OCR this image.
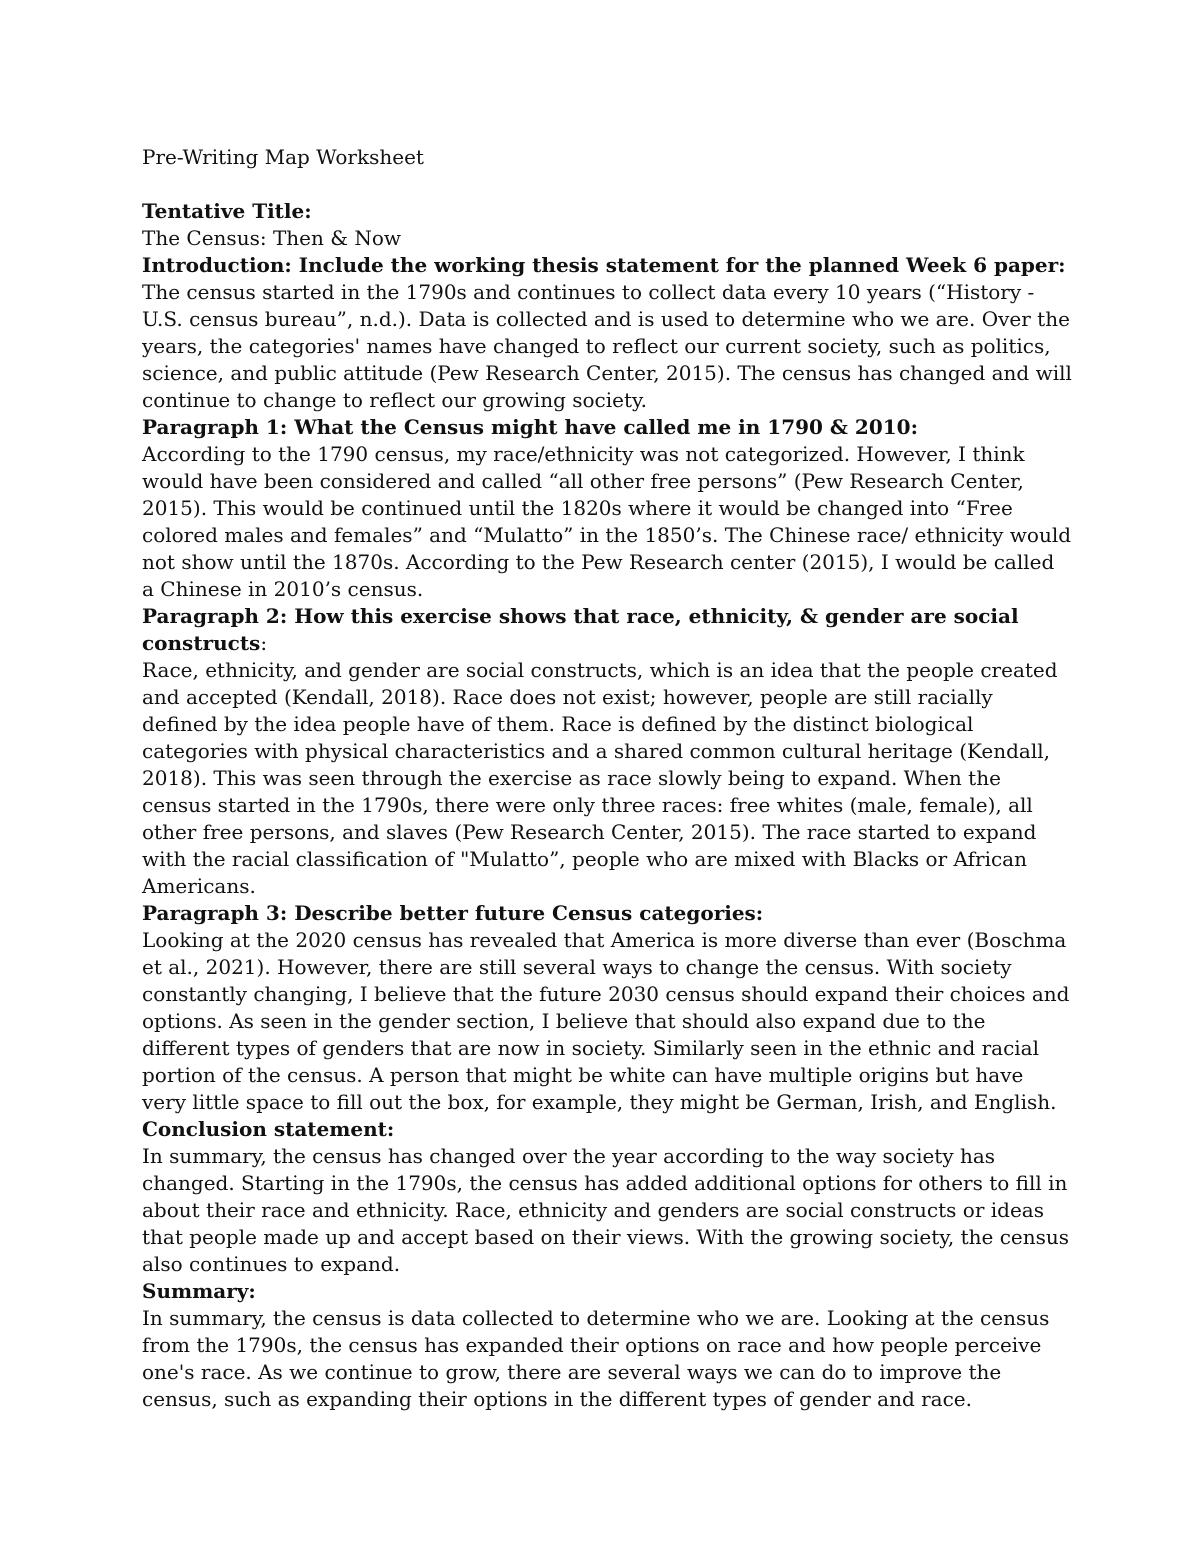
Pre-Writing Map Worksheet

Tentative Title:

The Census: Then & Now

Introduction: Include the working thesis statement for the planned Week 6 paper:

The census started in the 1790s and continues to collect data every 10 years (“History - U.S. census bureau”, n.d.). Data is collected and is used to determine who we are. Over the years, the categories' names have changed to reflect our current society, such as politics, science, and public attitude (Pew Research Center, 2015). The census has changed and will continue to change to reflect our growing society.

Paragraph 1: What the Census might have called me in 1790 & 2010:

According to the 1790 census, my race/ethnicity was not categorized. However, I think would have been considered and called “all other free persons” (Pew Research Center, 2015). This would be continued until the 1820s where it would be changed into “Free colored males and females” and “Mulatto” in the 1850’s. The Chinese race/ ethnicity would not show until the 1870s. According to the Pew Research center (2015), I would be called a Chinese in 2010’s census.

Paragraph 2: How this exercise shows that race, ethnicity, & gender are social constructs:

Race, ethnicity, and gender are social constructs, which is an idea that the people created and accepted (Kendall, 2018). Race does not exist; however, people are still racially defined by the idea people have of them. Race is defined by the distinct biological categories with physical characteristics and a shared common cultural heritage (Kendall, 2018). This was seen through the exercise as race slowly being to expand. When the census started in the 1790s, there were only three races: free whites (male, female), all other free persons, and slaves (Pew Research Center, 2015). The race started to expand with the racial classification of "Mulatto”, people who are mixed with Blacks or African Americans.

Paragraph 3: Describe better future Census categories:

Looking at the 2020 census has revealed that America is more diverse than ever (Boschma et al., 2021). However, there are still several ways to change the census. With society constantly changing, I believe that the future 2030 census should expand their choices and options. As seen in the gender section, I believe that should also expand due to the different types of genders that are now in society. Similarly seen in the ethnic and racial portion of the census. A person that might be white can have multiple origins but have very little space to fill out the box, for example, they might be German, Irish, and English.

Conclusion statement:

In summary, the census has changed over the year according to the way society has changed. Starting in the 1790s, the census has added additional options for others to fill in about their race and ethnicity. Race, ethnicity and genders are social constructs or ideas that people made up and accept based on their views. With the growing society, the census also continues to expand.

Summary:

In summary, the census is data collected to determine who we are. Looking at the census from the 1790s, the census has expanded their options on race and how people perceive one's race. As we continue to grow, there are several ways we can do to improve the census, such as expanding their options in the different types of gender and race.
